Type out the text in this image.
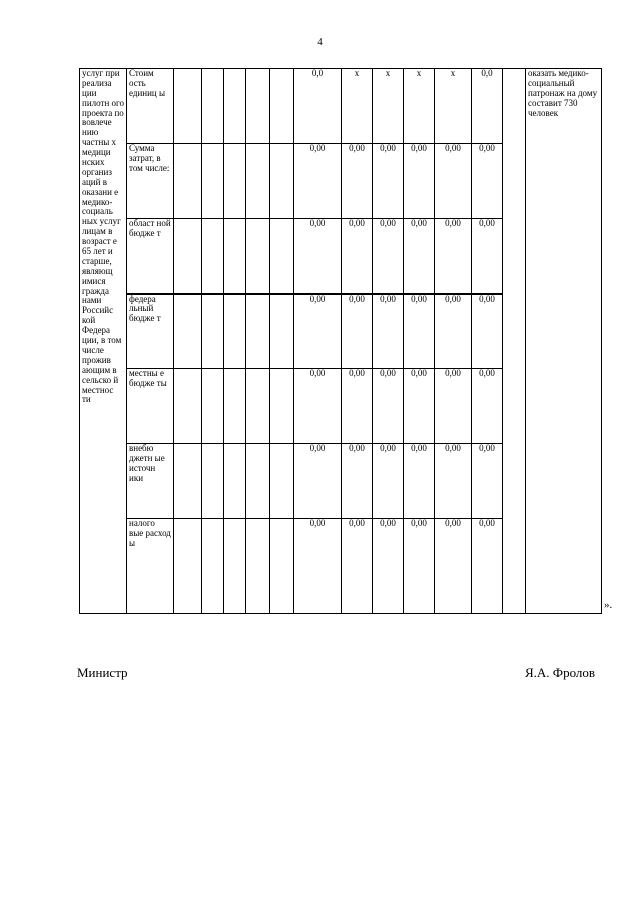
4
услуг при реализа ции пилотн ого проекта по вовлече нию частны х медици нских организ аций в оказани е медико-социаль ных услуг лицам в возраст е 65 лет и старше, являющ имися гражда нами Российс кой Федера ции, в том числе прожив ающим в сельско й местнос ти	Стоим ость единиц ы						0,0	х	х	х	х	0,0		оказать медико-социальный патронаж на дому составит 730 человек
	Сумма затрат, в том числе:						0,00	0,00	0,00	0,00	0,00	0,00		
	област ной бюдже т						0,00	0,00	0,00	0,00	0,00	0,00		
	федера льный бюдже т						0,00	0,00	0,00	0,00	0,00	0,00		
	местны е бюдже ты						0,00	0,00	0,00	0,00	0,00	0,00		
	внебю джетн ые источн ики						0,00	0,00	0,00	0,00	0,00	0,00		
	налого вые расход ы						0,00	0,00	0,00	0,00	0,00	0,00		
».
Министр	Я.А. Фролов
